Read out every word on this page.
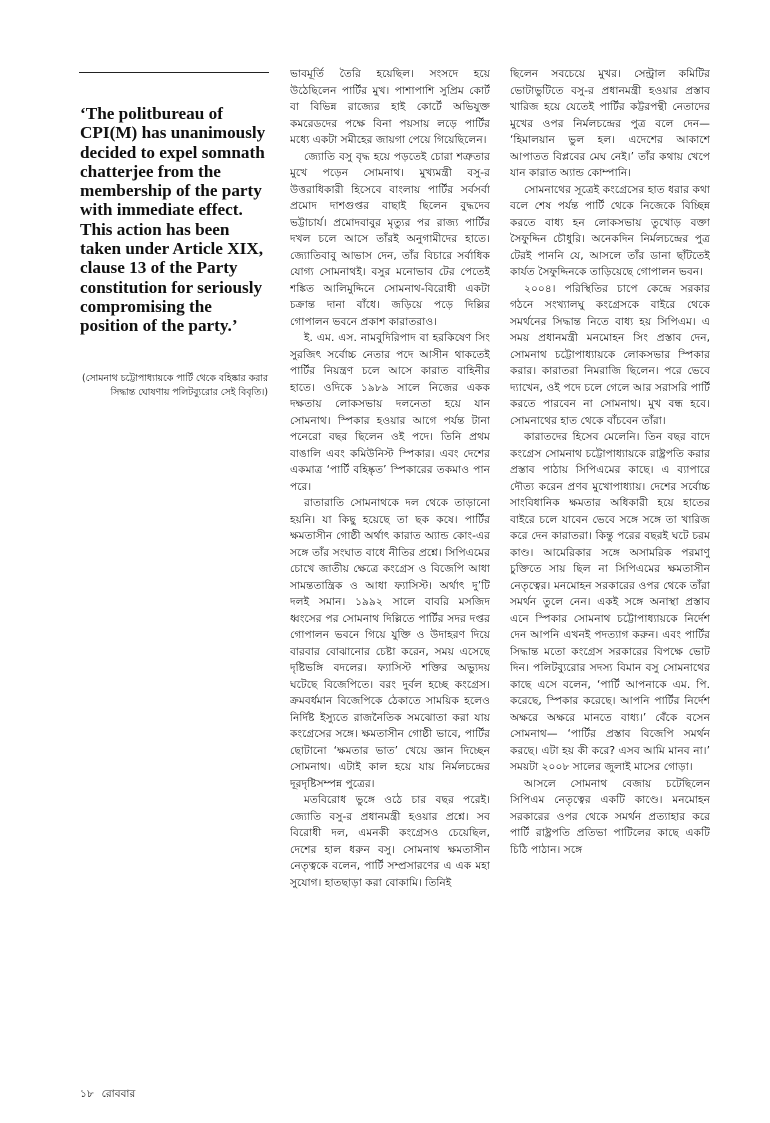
‘The politbureau of CPI(M) has unanimously decided to expel somnath chatterjee from the membership of the party with immediate effect. This action has been taken under Article XIX, clause 13 of the Party constitution for seriously compromising the position of the party.’

(সোমনাথ চট্টোপাধ্যায়কে পার্টি থেকে বহিষ্কার করার সিদ্ধান্ত ঘোষণায় পলিটব্যুরোর সেই বিবৃতি।)

ভাবমূর্তি তৈরি হয়েছিল। সংসদে হয়ে উঠেছিলেন পার্টির মুখ। পাশাপাশি সুপ্রিম কোর্ট বা বিভিন্ন রাজ্যের হাই কোর্টে অভিযুক্ত কমরেডদের পক্ষে বিনা পয়সায় লড়ে পার্টির মধ্যে একটা সমীহের জায়গা পেয়ে গিয়েছিলেন।

জ্যোতি বসু বৃদ্ধ হয়ে পড়তেই চোরা শত্রুতার মুখে পড়েন সোমনাথ। মুখ্যমন্ত্রী বসু-র উত্তরাধিকারী হিসেবে বাংলায় পার্টির সর্বসর্বা প্রমোদ দাশগুপ্তর বাছাই ছিলেন বুদ্ধদেব ভট্টাচার্য। প্রমোদবাবুর মৃত্যুর পর রাজ্য পার্টির দখল চলে আসে তাঁরই অনুগামীদের হাতে। জ্যোতিবাবু আভাস দেন, তাঁর বিচারে সর্বাধিক যোগ্য সোমনাথই। বসুর মনোভাব টের পেতেই শঙ্কিত আলিমুদ্দিনে সোমনাথ-বিরোধী একটা চক্রান্ত দানা বাঁধে। জড়িয়ে পড়ে দিল্লির গোপালন ভবনে প্রকাশ কারাতরাও।

ই. এম. এস. নামবুদিরিপাদ বা হরকিষেণ সিং সুরজিৎ সর্বোচ্চ নেতার পদে আসীন থাকতেই পার্টির নিয়ন্ত্রণ চলে আসে কারাত বাহিনীর হাতে। ওদিকে ১৯৮৯ সালে নিজের একক দক্ষতায় লোকসভায় দলনেতা হয়ে যান সোমনাথ। স্পিকার হওয়ার আগে পর্যন্ত টানা পনেরো বছর ছিলেন ওই পদে। তিনি প্রথম বাঙালি এবং কমিউনিস্ট স্পিকার। এবং দেশের একমাত্র ‘পার্টি বহিষ্কৃত’ স্পিকারের তকমাও পান পরে।

রাতারাতি সোমনাথকে দল থেকে তাড়ানো হয়নি। যা কিছু হয়েছে তা ছক কষে। পার্টির ক্ষমতাসীন গোষ্ঠী অর্থাৎ কারাত অ্যান্ড কোং-এর সঙ্গে তাঁর সংঘাত বাধে নীতির প্রশ্নে। সিপিএমের চোখে জাতীয় ক্ষেত্রে কংগ্রেস ও বিজেপি আধা সামন্ততান্ত্রিক ও আধা ফ্যাসিস্ট। অর্থাৎ দু’টি দলই সমান। ১৯৯২ সালে বাবরি মসজিদ ধ্বংসের পর সোমনাথ দিল্লিতে পার্টির সদর দপ্তর গোপালন ভবনে গিয়ে যুক্তি ও উদাহরণ দিয়ে বারবার বোঝানোর চেষ্টা করেন, সময় এসেছে দৃষ্টিভঙ্গি বদলের। ফ্যাসিস্ট শক্তির অভ্যুদয় ঘটেছে বিজেপিতে। বরং দুর্বল হচ্ছে কংগ্রেস। ক্রমবর্ধমান বিজেপিকে ঠেকাতে সাময়িক হলেও নির্দিষ্ট ইস্যুতে রাজনৈতিক সমঝোতা করা যায় কংগ্রেসের সঙ্গে। ক্ষমতাসীন গোষ্ঠী ভাবে, পার্টির ছোটানো ‘ক্ষমতার ভাত’ খেয়ে জ্ঞান দিচ্ছেন সোমনাথ। এটাই কাল হয়ে যায় নির্মলচন্দ্রের দূরদৃষ্টিসম্পন্ন পুত্রের।

মতবিরোধ ভুঙ্গে ওঠে চার বছর পরেই। জ্যোতি বসু-র প্রধানমন্ত্রী হওয়ার প্রশ্নে। সব বিরোধী দল, এমনকী কংগ্রেসও চেয়েছিল, দেশের হাল ধরুন বসু। সোমনাথ ক্ষমতাসীন নেতৃত্বকে বলেন, পার্টি সম্প্রসারণের এ এক মহা সুযোগ। হাতছাড়া করা বোকামি। তিনিই

ছিলেন সবচেয়ে মুখর। সেন্ট্রাল কমিটির ভোটাভুটিতে বসু-র প্রধানমন্ত্রী হওয়ার প্রস্তাব খারিজ হয়ে যেতেই পার্টির কট্টরপন্থী নেতাদের মুখের ওপর নির্মলচন্দ্রের পুত্র বলে দেন— ‘হিমালয়ান ভুল হল। এদেশের আকাশে আপাতত বিপ্লবের মেঘ নেই।’ তাঁর কথায় খেপে যান কারাত অ্যান্ড কোম্পানি।

সোমনাথের সূত্রেই কংগ্রেসের হাত ধরার কথা বলে শেষ পর্যন্ত পার্টি থেকে নিজেকে বিচ্ছিন্ন করতে বাধ্য হন লোকসভায় তুখোড় বক্তা সৈফুদ্দিন চৌধুরি। অনেকদিন নির্মলচন্দ্রের পুত্র টেরই পাননি যে, আসলে তাঁর ডানা ছাঁটতেই কার্যত সৈফুদ্দিনকে তাড়িয়েছে গোপালন ভবন।

২০০৪। পরিস্থিতির চাপে কেন্দ্রে সরকার গঠনে সংখ্যালঘু কংগ্রেসকে বাইরে থেকে সমর্থনের সিদ্ধান্ত নিতে বাধ্য হয় সিপিএম। এ সময় প্রধানমন্ত্রী মনমোহন সিং প্রস্তাব দেন, সোমনাথ চট্টোপাধ্যায়কে লোকসভার স্পিকার করার। কারাতরা নিমরাজি ছিলেন। পরে ভেবে দ্যাখেন, ওই পদে চলে গেলে আর সরাসরি পার্টি করতে পারবেন না সোমনাথ। মুখ বন্ধ হবে। সোমনাথের হাত থেকে বাঁচবেন তাঁরা।

কারাতদের হিসেব মেলেনি। তিন বছর বাদে কংগ্রেস সোমনাথ চট্টোপাধ্যায়কে রাষ্ট্রপতি করার প্রস্তাব পাঠায় সিপিএমের কাছে। এ ব্যাপারে দৌত্য করেন প্রণব মুখোপাধ্যায়। দেশের সর্বোচ্চ সাংবিধানিক ক্ষমতার অধিকারী হয়ে হাতের বাইরে চলে যাবেন ভেবে সঙ্গে সঙ্গে তা খারিজ করে দেন কারাতরা। কিন্তু পরের বছরই ঘটে চরম কাণ্ড। আমেরিকার সঙ্গে অসামরিক পরমাণু চুক্তিতে সায় ছিল না সিপিএমের ক্ষমতাসীন নেতৃত্বের। মনমোহন সরকারের ওপর থেকে তাঁরা সমর্থন তুলে নেন। একই সঙ্গে অনাস্থা প্রস্তাব এনে স্পিকার সোমনাথ চট্টোপাধ্যায়কে নির্দেশ দেন আপনি এখনই পদত্যাগ করুন। এবং পার্টির সিদ্ধান্ত মতো কংগ্রেস সরকারের বিপক্ষে ভোট দিন। পলিটব্যুরোর সদস্য বিমান বসু সোমনাথের কাছে এসে বলেন, ‘পার্টি আপনাকে এম. পি. করেছে, স্পিকার করেছে। আপনি পার্টির নির্দেশ অক্ষরে অক্ষরে মানতে বাধ্য।’ বেঁকে বসেন সোমনাথ— ‘পার্টির প্রস্তাব বিজেপি সমর্থন করছে। এটা হয় কী করে? এসব আমি মানব না।’ সময়টা ২০০৮ সালের জুলাই মাসের গোড়া।

আসলে সোমনাথ বেজায় চটেছিলেন সিপিএম নেতৃত্বের একটি কাণ্ডে। মনমোহন সরকারের ওপর থেকে সমর্থন প্রত্যাহার করে পার্টি রাষ্ট্রপতি প্রতিভা পাটিলের কাছে একটি চিঠি পাঠান। সঙ্গে

১৮ রোববার
